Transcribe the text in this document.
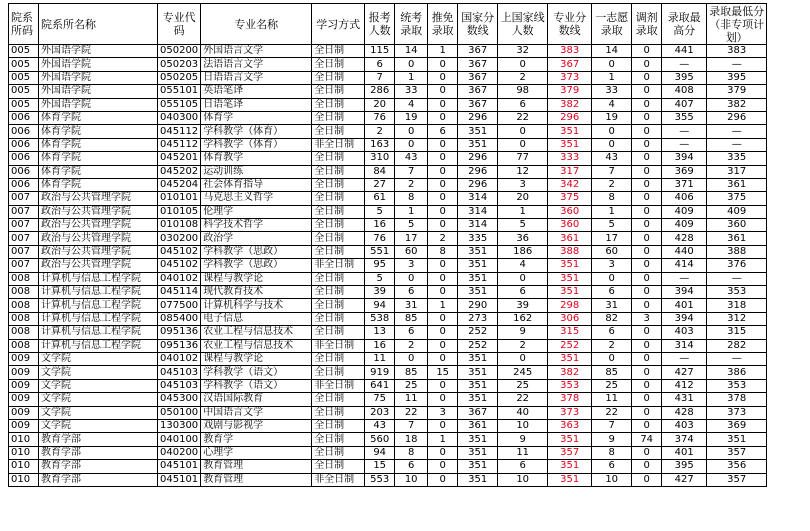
院系所码	院系所名称	专业代码	专业名称	学习方式	报考人数	统考录取	推免录取	国家分数线	上国家线人数	专业分数线	一志愿录取	调剂录取	录取最高分	录取最低分（非专项计划）
005	外国语学院	050200	外国语言文学	全日制	115	14	1	367	32	383	14	0	441	383
005	外国语学院	050203	法语语言文学	全日制	6	0	0	367	0	367	0	0	—	—
005	外国语学院	050205	日语语言文学	全日制	7	1	0	367	2	373	1	0	395	395
005	外国语学院	055101	英语笔译	全日制	286	33	0	367	98	379	33	0	408	379
005	外国语学院	055105	日语笔译	全日制	20	4	0	367	6	382	4	0	407	382
006	体育学院	040300	体育学	全日制	76	19	0	296	22	296	19	0	355	296
006	体育学院	045112	学科教学（体育）	全日制	2	0	6	351	0	351	0	0	—	—
006	体育学院	045112	学科教学（体育）	非全日制	163	0	0	351	0	351	0	0	—	—
006	体育学院	045201	体育教学	全日制	310	43	0	296	77	333	43	0	394	335
006	体育学院	045202	运动训练	全日制	84	7	0	296	12	317	7	0	369	317
006	体育学院	045204	社会体育指导	全日制	27	2	0	296	3	342	2	0	371	361
007	政治与公共管理学院	010101	马克思主义哲学	全日制	61	8	0	314	20	375	8	0	406	375
007	政治与公共管理学院	010105	伦理学	全日制	5	1	0	314	1	360	1	0	409	409
007	政治与公共管理学院	010108	科学技术哲学	全日制	16	5	0	314	5	360	5	0	409	360
007	政治与公共管理学院	030200	政治学	全日制	76	17	2	335	36	361	17	0	428	361
007	政治与公共管理学院	045102	学科教学（思政）	全日制	551	60	8	351	186	388	60	0	440	388
007	政治与公共管理学院	045102	学科教学（思政）	非全日制	95	3	0	351	4	351	3	0	414	376
008	计算机与信息工程学院	040102	课程与教学论	全日制	5	0	0	351	0	351	0	0	—	—
008	计算机与信息工程学院	045114	现代教育技术	全日制	39	6	0	351	6	351	6	0	394	353
008	计算机与信息工程学院	077500	计算机科学与技术	全日制	94	31	1	290	39	298	31	0	401	318
008	计算机与信息工程学院	085400	电子信息	全日制	538	85	0	273	162	306	82	3	394	312
008	计算机与信息工程学院	095136	农业工程与信息技术	全日制	13	6	0	252	9	315	6	0	403	315
008	计算机与信息工程学院	095136	农业工程与信息技术	非全日制	16	2	0	252	2	252	2	0	314	282
009	文学院	040102	课程与教学论	全日制	11	0	0	351	0	351	0	0	—	—
009	文学院	045103	学科教学（语文）	全日制	919	85	15	351	245	382	85	0	427	386
009	文学院	045103	学科教学（语文）	非全日制	641	25	0	351	25	353	25	0	412	353
009	文学院	045300	汉语国际教育	全日制	75	11	0	351	22	378	11	0	431	378
009	文学院	050100	中国语言文学	全日制	203	22	3	367	40	373	22	0	428	373
009	文学院	130300	戏剧与影视学	全日制	43	7	0	361	10	363	7	0	403	369
010	教育学部	040100	教育学	全日制	560	18	1	351	9	351	9	74	374	351
010	教育学部	040200	心理学	全日制	94	8	0	351	11	357	8	0	401	357
010	教育学部	045101	教育管理	全日制	15	6	0	351	6	351	6	0	395	356
010	教育学部	045101	教育管理	非全日制	553	10	0	351	10	351	10	0	427	357
